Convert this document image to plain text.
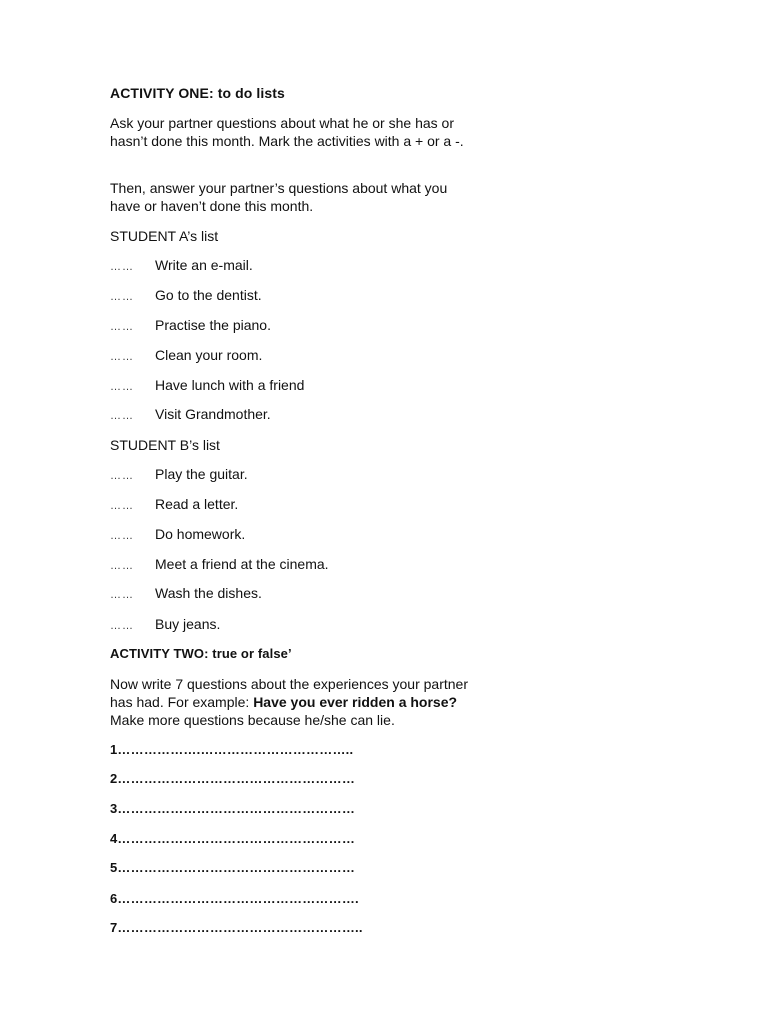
ACTIVITY ONE: to do lists
Ask your partner questions about what he or she has or hasn’t done this month. Mark the activities with a + or a -.
Then, answer your partner’s questions about what you have or haven’t done this month.
STUDENT A’s list
…… Write an e-mail.
…… Go to the dentist.
…… Practise the piano.
…… Clean your room.
…… Have lunch with a friend
…… Visit Grandmother.
STUDENT B’s list
…… Play the guitar.
…… Read a letter.
…… Do homework.
…… Meet a friend at the cinema.
…… Wash the dishes.
…… Buy jeans.
ACTIVITY TWO: true or false’
Now write 7 questions about the experiences your partner has had. For example: Have you ever ridden a horse? Make more questions because he/she can lie.
1……………….……………………………..
2………………………………………………
3………………………………………………
4………………………………………………
5………………………………………………
6……………………………………………….
7………………………………………………..
